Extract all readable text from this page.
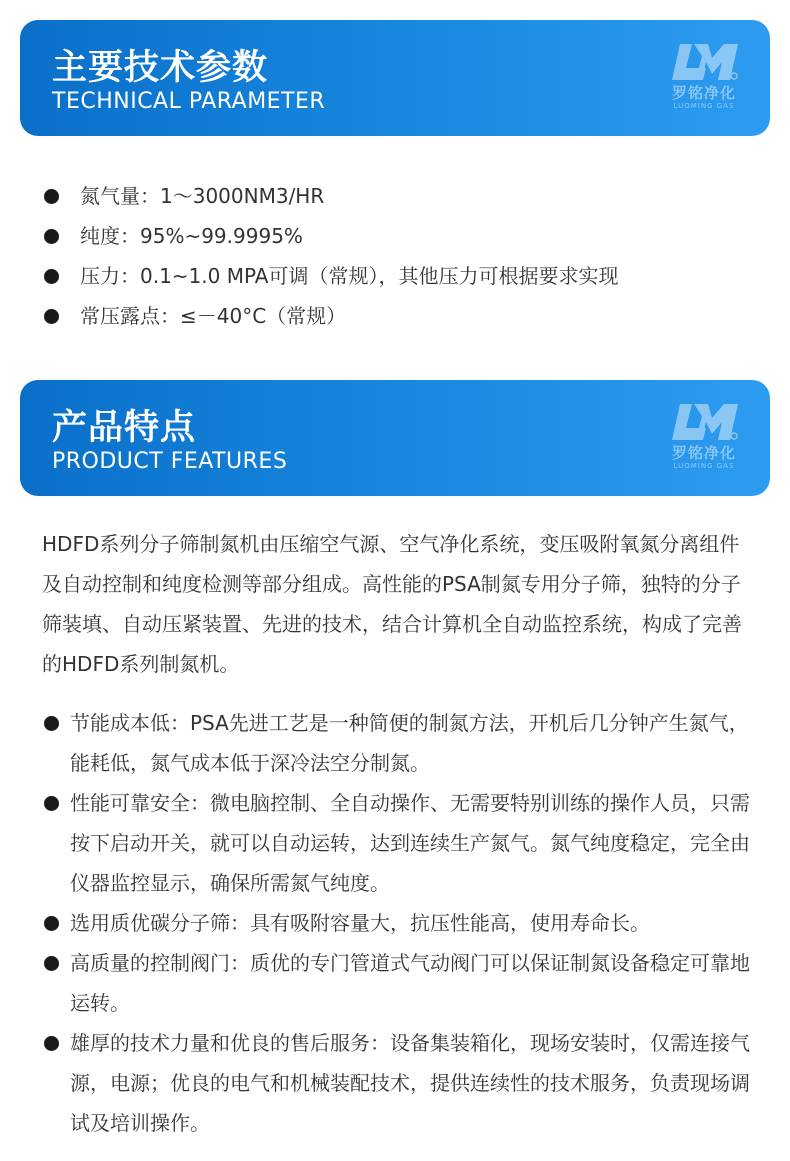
主要技术参数
TECHNICAL PARAMETER	罗铭净化
LUOMING GAS
氮气量：1～3000NM3/HR
纯度：95%~99.9995%
压力：0.1~1.0 MPA可调（常规），其他压力可根据要求实现
常压露点：≤－40°C（常规）
产品特点
PRODUCT FEATURES	罗铭净化
LUOMING GAS

HDFD系列分子筛制氮机由压缩空气源、空气净化系统，变压吸附氧氮分离组件及自动控制和纯度检测等部分组成。高性能的PSA制氮专用分子筛，独特的分子筛装填、自动压紧装置、先进的技术，结合计算机全自动监控系统，构成了完善的HDFD系列制氮机。

节能成本低：PSA先进工艺是一种简便的制氮方法，开机后几分钟产生氮气，能耗低，氮气成本低于深冷法空分制氮。
性能可靠安全：微电脑控制、全自动操作、无需要特别训练的操作人员，只需按下启动开关，就可以自动运转，达到连续生产氮气。氮气纯度稳定，完全由仪器监控显示，确保所需氮气纯度。
选用质优碳分子筛：具有吸附容量大，抗压性能高，使用寿命长。
高质量的控制阀门：质优的专门管道式气动阀门可以保证制氮设备稳定可靠地运转。
雄厚的技术力量和优良的售后服务：设备集装箱化，现场安装时，仅需连接气源，电源；优良的电气和机械装配技术，提供连续性的技术服务，负责现场调试及培训操作。
